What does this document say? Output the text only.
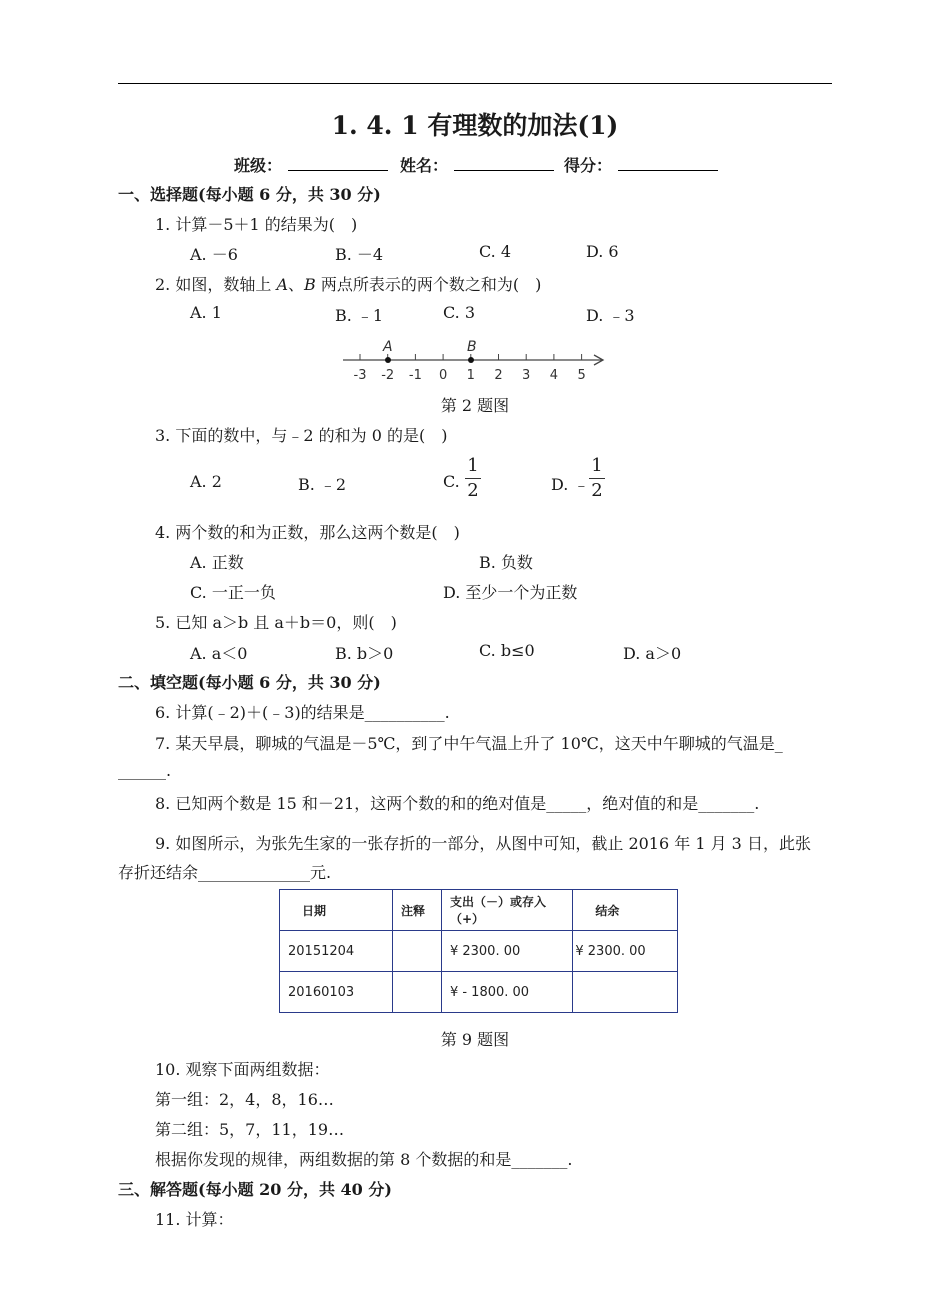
1. 4. 1 有理数的加法(1)
班级：	姓名：	得分：
一、选择题(每小题 6 分，共 30 分)
1. 计算－5＋1 的结果为(　)
A. －6	B. －4	C. 4	D. 6
2. 如图，数轴上 A、B 两点所表示的两个数之和为(　)
A. 1	B. ﹣1	C. 3	D. ﹣3
-3 -2 -1 0 1 2 3 4 5
A	B
第 2 题图
3. 下面的数中，与﹣2 的和为 0 的是(　)
A. 2	B. ﹣2	C.
1
2	D. ﹣
1
2
4. 两个数的和为正数，那么这两个数是(　)
A. 正数	B. 负数
C. 一正一负	D. 至少一个为正数
5. 已知 a＞b 且 a＋b＝0，则(　)
A. a＜0	B. b＞0	C. b≤0	D. a＞0
二、填空题(每小题 6 分，共 30 分)
6. 计算(﹣2)＋(﹣3)的结果是__________.
7. 某天早晨，聊城的气温是－5℃，到了中午气温上升了 10℃，这天中午聊城的气温是_
______.
8. 已知两个数是 15 和－21，这两个数的和的绝对值是_____，绝对值的和是_______.
9. 如图所示，为张先生家的一张存折的一部分，从图中可知，截止 2016 年 1 月 3 日，此张
存折还结余______________元.
日期	注释	支出（－）或存入（+）	结余
20151204		¥ 2300. 00	¥ 2300. 00
20160103		¥ - 1800. 00	
第 9 题图
10. 观察下面两组数据：
第一组：2，4，8，16…
第二组：5，7，11，19…
根据你发现的规律，两组数据的第 8 个数据的和是_______.
三、解答题(每小题 20 分，共 40 分)
11. 计算：
